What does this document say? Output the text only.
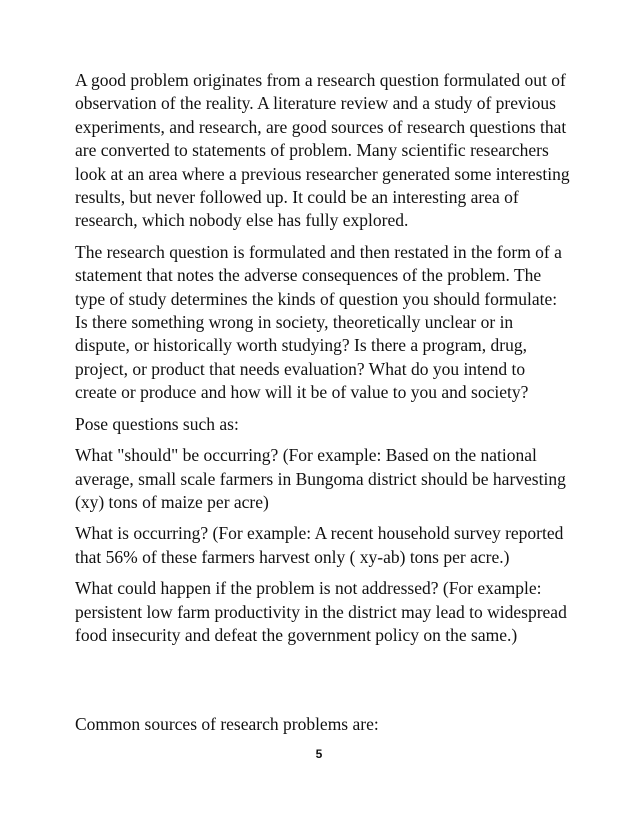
A good problem originates from a research question formulated out of observation of the reality. A literature review and a study of previous experiments, and research, are good sources of research questions that are converted to statements of problem. Many scientific researchers look at an area where a previous researcher generated some interesting results, but never followed up. It could be an interesting area of research, which nobody else has fully explored.

The research question is formulated and then restated in the form of a statement that notes the adverse consequences of the problem. The type of study determines the kinds of question you should formulate: Is there something wrong in society, theoretically unclear or in dispute, or historically worth studying? Is there a program, drug, project, or product that needs evaluation? What do you intend to create or produce and how will it be of value to you and society?

Pose questions such as:

What "should" be occurring? (For example: Based on the national average, small scale farmers in Bungoma district should be harvesting (xy) tons of maize per acre)

What is occurring? (For example: A recent household survey reported that 56% of these farmers harvest only ( xy-ab) tons per acre.)

What could happen if the problem is not addressed? (For example: persistent low farm productivity in the district may lead to widespread food insecurity and defeat the government policy on the same.)

Common sources of research problems are:

5
